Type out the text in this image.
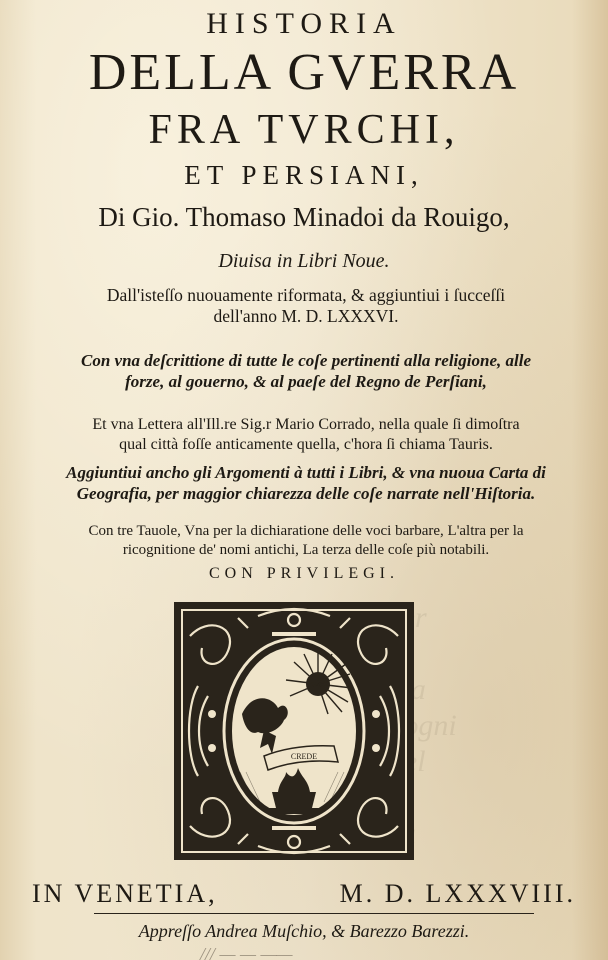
ogni

HISTORIA
DELLA GVERRA
FRA TVRCHI,
ET PERSIANI,
Di Gio. Thomaso Minadoi da Rouigo,
Diuisa in Libri Noue.
Dall'isteſſo nuouamente riformata, & aggiuntiui i ſucceſſi
dell'anno M. D. LXXXVI.
Con vna deſcrittione di tutte le coſe pertinenti alla religione, alle
forze, al gouerno, & al paeſe del Regno de Perſiani,
Et vna Lettera all'Ill.re Sig.r Mario Corrado, nella quale ſi dimoſtra
qual città foſſe anticamente quella, c'hora ſi chiama Tauris.
Aggiuntiui ancho gli Argomenti à tutti i Libri, & vna nuoua Carta di
Geografia, per maggior chiarezza delle coſe narrate nell'Hiſtoria.
Con tre Tauole, Vna per la dichiaratione delle voci barbare, L'altra per la
ricognitione de' nomi antichi, La terza delle coſe più notabili.
CON PRIVILEGI.
CREDE
IN VENETIA,	M. D. LXXXVIII.
Appreſſo Andrea Muſchio, & Barezzo Barezzi.
/// — — ——
